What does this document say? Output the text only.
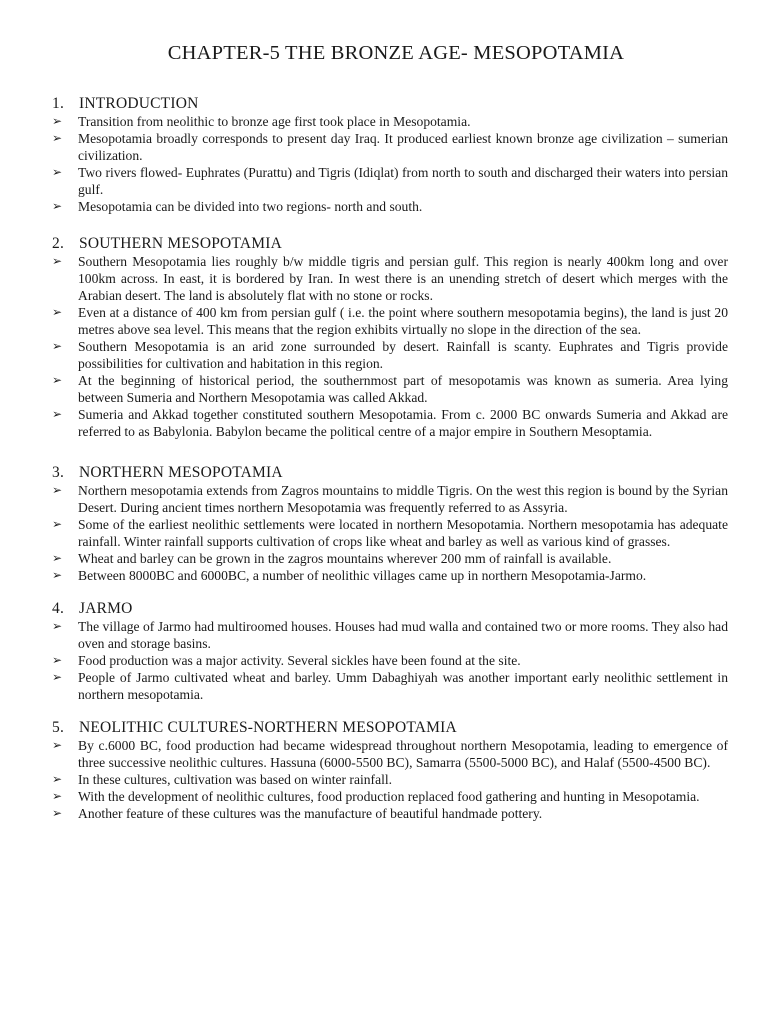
CHAPTER-5 THE BRONZE AGE- MESOPOTAMIA
1. INTRODUCTION
➢ Transition from neolithic to bronze age first took place in Mesopotamia.
➢ Mesopotamia broadly corresponds to present day Iraq. It produced earliest known bronze age civilization – sumerian civilization.
➢ Two rivers flowed- Euphrates (Purattu) and Tigris (Idiqlat) from north to south and discharged their waters into persian gulf.
➢ Mesopotamia can be divided into two regions- north and south.
2. SOUTHERN MESOPOTAMIA
➢ Southern Mesopotamia lies roughly b/w middle tigris and persian gulf. This region is nearly 400km long and over 100km across. In east, it is bordered by Iran. In west there is an unending stretch of desert which merges with the Arabian desert. The land is absolutely flat with no stone or rocks.
➢ Even at a distance of 400 km from persian gulf ( i.e. the point where southern mesopotamia begins), the land is just 20 metres above sea level. This means that the region exhibits virtually no slope in the direction of the sea.
➢ Southern Mesopotamia is an arid zone surrounded by desert. Rainfall is scanty. Euphrates and Tigris provide possibilities for cultivation and habitation in this region.
➢ At the beginning of historical period, the southernmost part of mesopotamis was known as sumeria. Area lying between Sumeria and Northern Mesopotamia was called Akkad.
➢ Sumeria and Akkad together constituted southern Mesopotamia. From c. 2000 BC onwards Sumeria and Akkad are referred to as Babylonia. Babylon became the political centre of a major empire in Southern Mesoptamia.
3. NORTHERN MESOPOTAMIA
➢ Northern mesopotamia extends from Zagros mountains to middle Tigris. On the west this region is bound by the Syrian Desert. During ancient times northern Mesopotamia was frequently referred to as Assyria.
➢ Some of the earliest neolithic settlements were located in northern Mesopotamia. Northern mesopotamia has adequate rainfall. Winter rainfall supports cultivation of crops like wheat and barley as well as various kind of grasses.
➢ Wheat and barley can be grown in the zagros mountains wherever 200 mm of rainfall is available.
➢ Between 8000BC and 6000BC, a number of neolithic villages came up in northern Mesopotamia-Jarmo.
4. JARMO
➢ The village of Jarmo had multiroomed houses. Houses had mud walla and contained two or more rooms. They also had oven and storage basins.
➢ Food production was a major activity. Several sickles have been found at the site.
➢ People of Jarmo cultivated wheat and barley. Umm Dabaghiyah was another important early neolithic settlement in northern mesopotamia.
5. NEOLITHIC CULTURES-NORTHERN MESOPOTAMIA
➢ By c.6000 BC, food production had became widespread throughout northern Mesopotamia, leading to emergence of three successive neolithic cultures. Hassuna (6000-5500 BC), Samarra (5500-5000 BC), and Halaf (5500-4500 BC).
➢ In these cultures, cultivation was based on winter rainfall.
➢ With the development of neolithic cultures, food production replaced food gathering and hunting in Mesopotamia.
➢ Another feature of these cultures was the manufacture of beautiful handmade pottery.
